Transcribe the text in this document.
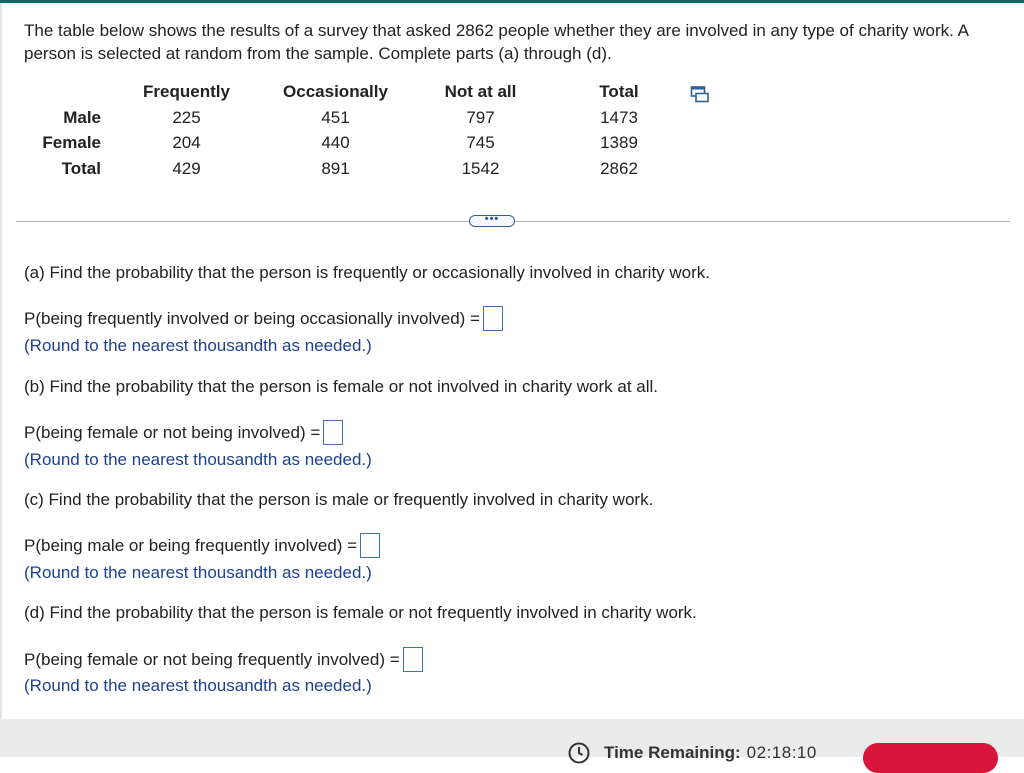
The table below shows the results of a survey that asked 2862 people whether they are involved in any type of charity work. A person is selected at random from the sample. Complete parts (a) through (d).

	Frequently	Occasionally	Not at all	Total
Male	225	451	797	1473
Female	204	440	745	1389
Total	429	891	1542	2862
•••

(a) Find the probability that the person is frequently or occasionally involved in charity work.

P(being frequently involved or being occasionally involved) =
(Round to the nearest thousandth as needed.)

(b) Find the probability that the person is female or not involved in charity work at all.

P(being female or not being involved) =
(Round to the nearest thousandth as needed.)

(c) Find the probability that the person is male or frequently involved in charity work.

P(being male or being frequently involved) =
(Round to the nearest thousandth as needed.)

(d) Find the probability that the person is female or not frequently involved in charity work.

P(being female or not being frequently involved) =
(Round to the nearest thousandth as needed.)
Time Remaining: 02:18:10
